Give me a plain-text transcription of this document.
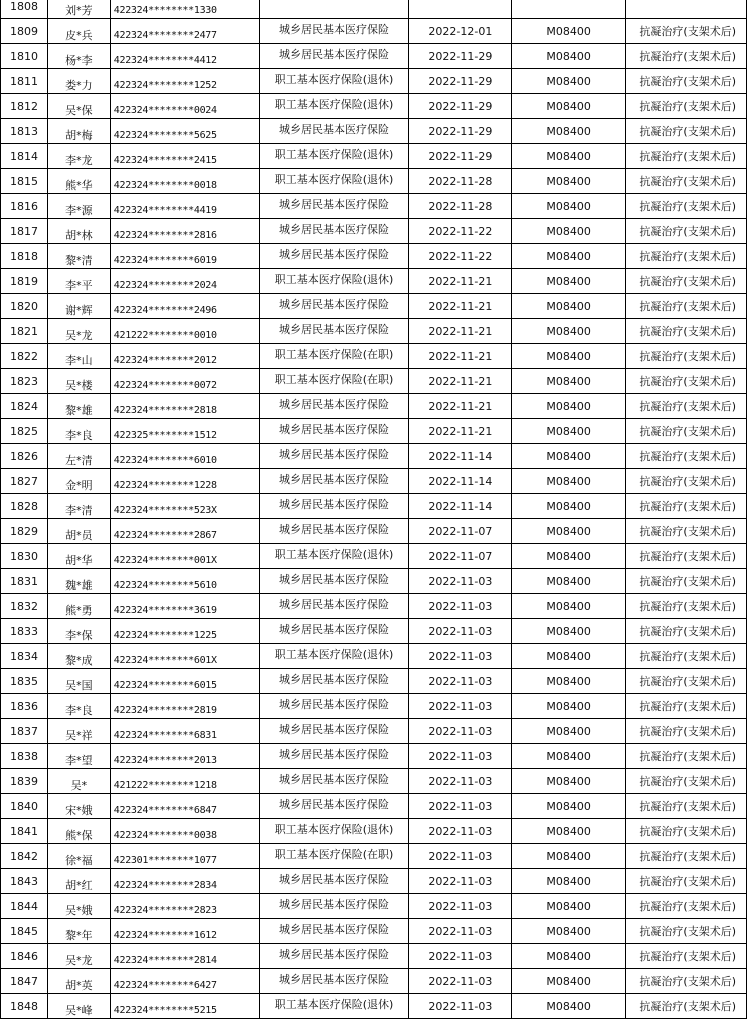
1808	刘*芳	422324********1330				
1809	皮*兵	422324********2477	城乡居民基本医疗保险	2022-12-01	M08400	抗凝治疗(支架术后)
1810	杨*李	422324********4412	城乡居民基本医疗保险	2022-11-29	M08400	抗凝治疗(支架术后)
1811	娄*力	422324********1252	职工基本医疗保险(退休)	2022-11-29	M08400	抗凝治疗(支架术后)
1812	吴*保	422324********0024	职工基本医疗保险(退休)	2022-11-29	M08400	抗凝治疗(支架术后)
1813	胡*梅	422324********5625	城乡居民基本医疗保险	2022-11-29	M08400	抗凝治疗(支架术后)
1814	李*龙	422324********2415	职工基本医疗保险(退休)	2022-11-29	M08400	抗凝治疗(支架术后)
1815	熊*华	422324********0018	职工基本医疗保险(退休)	2022-11-28	M08400	抗凝治疗(支架术后)
1816	李*源	422324********4419	城乡居民基本医疗保险	2022-11-28	M08400	抗凝治疗(支架术后)
1817	胡*林	422324********2816	城乡居民基本医疗保险	2022-11-22	M08400	抗凝治疗(支架术后)
1818	黎*清	422324********6019	城乡居民基本医疗保险	2022-11-22	M08400	抗凝治疗(支架术后)
1819	李*平	422324********2024	职工基本医疗保险(退休)	2022-11-21	M08400	抗凝治疗(支架术后)
1820	谢*辉	422324********2496	城乡居民基本医疗保险	2022-11-21	M08400	抗凝治疗(支架术后)
1821	吴*龙	421222********0010	城乡居民基本医疗保险	2022-11-21	M08400	抗凝治疗(支架术后)
1822	李*山	422324********2012	职工基本医疗保险(在职)	2022-11-21	M08400	抗凝治疗(支架术后)
1823	吴*楼	422324********0072	职工基本医疗保险(在职)	2022-11-21	M08400	抗凝治疗(支架术后)
1824	黎*雄	422324********2818	城乡居民基本医疗保险	2022-11-21	M08400	抗凝治疗(支架术后)
1825	李*良	422325********1512	城乡居民基本医疗保险	2022-11-21	M08400	抗凝治疗(支架术后)
1826	左*清	422324********6010	城乡居民基本医疗保险	2022-11-14	M08400	抗凝治疗(支架术后)
1827	金*明	422324********1228	城乡居民基本医疗保险	2022-11-14	M08400	抗凝治疗(支架术后)
1828	李*清	422324********523X	城乡居民基本医疗保险	2022-11-14	M08400	抗凝治疗(支架术后)
1829	胡*员	422324********2867	城乡居民基本医疗保险	2022-11-07	M08400	抗凝治疗(支架术后)
1830	胡*华	422324********001X	职工基本医疗保险(退休)	2022-11-07	M08400	抗凝治疗(支架术后)
1831	魏*雄	422324********5610	城乡居民基本医疗保险	2022-11-03	M08400	抗凝治疗(支架术后)
1832	熊*勇	422324********3619	城乡居民基本医疗保险	2022-11-03	M08400	抗凝治疗(支架术后)
1833	李*保	422324********1225	城乡居民基本医疗保险	2022-11-03	M08400	抗凝治疗(支架术后)
1834	黎*成	422324********601X	职工基本医疗保险(退休)	2022-11-03	M08400	抗凝治疗(支架术后)
1835	吴*国	422324********6015	城乡居民基本医疗保险	2022-11-03	M08400	抗凝治疗(支架术后)
1836	李*良	422324********2819	城乡居民基本医疗保险	2022-11-03	M08400	抗凝治疗(支架术后)
1837	吴*祥	422324********6831	城乡居民基本医疗保险	2022-11-03	M08400	抗凝治疗(支架术后)
1838	李*望	422324********2013	城乡居民基本医疗保险	2022-11-03	M08400	抗凝治疗(支架术后)
1839	吴*	421222********1218	城乡居民基本医疗保险	2022-11-03	M08400	抗凝治疗(支架术后)
1840	宋*娥	422324********6847	城乡居民基本医疗保险	2022-11-03	M08400	抗凝治疗(支架术后)
1841	熊*保	422324********0038	职工基本医疗保险(退休)	2022-11-03	M08400	抗凝治疗(支架术后)
1842	徐*福	422301********1077	职工基本医疗保险(在职)	2022-11-03	M08400	抗凝治疗(支架术后)
1843	胡*红	422324********2834	城乡居民基本医疗保险	2022-11-03	M08400	抗凝治疗(支架术后)
1844	吴*娥	422324********2823	城乡居民基本医疗保险	2022-11-03	M08400	抗凝治疗(支架术后)
1845	黎*年	422324********1612	城乡居民基本医疗保险	2022-11-03	M08400	抗凝治疗(支架术后)
1846	吴*龙	422324********2814	城乡居民基本医疗保险	2022-11-03	M08400	抗凝治疗(支架术后)
1847	胡*英	422324********6427	城乡居民基本医疗保险	2022-11-03	M08400	抗凝治疗(支架术后)
1848	吴*峰	422324********5215	职工基本医疗保险(退休)	2022-11-03	M08400	抗凝治疗(支架术后)
